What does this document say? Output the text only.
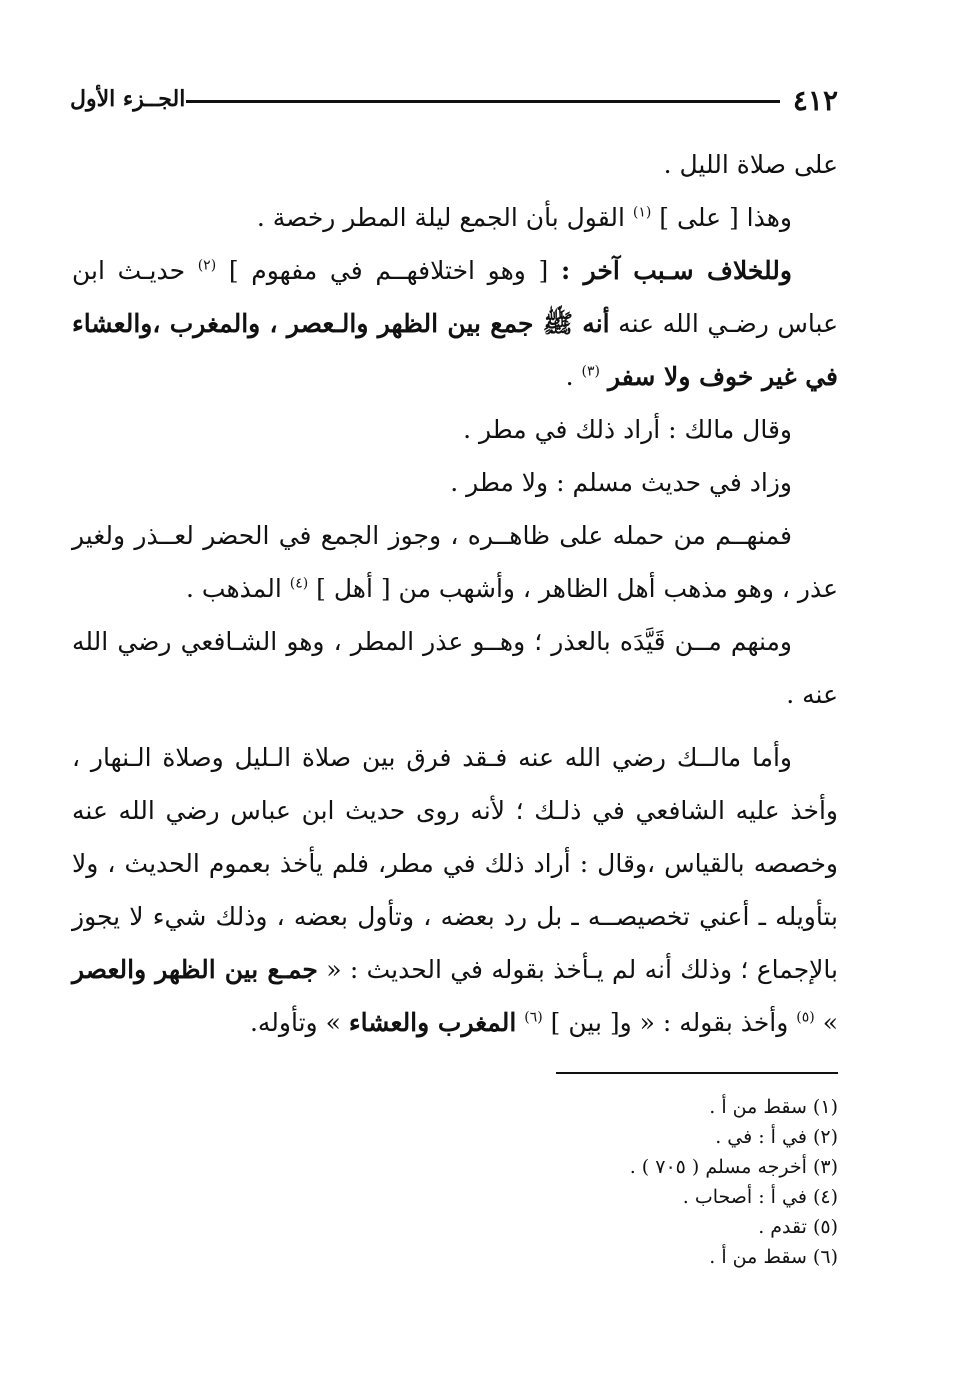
٤١٢
الجــزء الأول

على صلاة الليل .

وهذا [ على ] $^{(١)}$ القول بأن الجمع ليلة المطر رخصة .

وللخلاف سـبب آخر : [ وهو اختلافهــم في مفهوم ] $^{(٢)}$ حديـث ابن عباس رضـي الله عنه أنه ﷺ جمع بين الظهر والـعصر ، والمغرب ،والعشاء في غير خوف ولا سفر $^{(٣)}$ .

وقال مالك : أراد ذلك في مطر .

وزاد في حديث مسلم : ولا مطر .

فمنهــم من حمله على ظاهــره ، وجوز الجمع في الحضر لعــذر ولغير عذر ، وهو مذهب أهل الظاهر ، وأشهب من [ أهل ] $^{(٤)}$ المذهب .

ومنهم مــن قَيَّدَه بالعذر ؛ وهــو عذر المطر ، وهو الشـافعي رضي الله عنه .

وأما مالــك رضي الله عنه فـقد فرق بين صلاة الـليل وصلاة الـنهار ، وأخذ عليه الشافعي في ذلـك ؛ لأنه روى حديث ابن عباس رضي الله عنه وخصصه بالقياس ،وقال : أراد ذلك في مطر، فلم يأخذ بعموم الحديث ، ولا بتأويله ـ أعني تخصيصــه ـ بل رد بعضه ، وتأول بعضه ، وذلك شيء لا يجوز بالإجماع ؛ وذلك أنه لم يـأخذ بقوله في الحديث : « جمـع بين الظهر والعصر » $^{(٥)}$ وأخذ بقوله : « و[ بين ] $^{(٦)}$ المغرب والعشاء » وتأوله.

(١) سقط من أ .

(٢) في أ : في .

(٣) أخرجه مسلم ( ٧٠٥ ) .

(٤) في أ : أصحاب .

(٥) تقدم .

(٦) سقط من أ .
